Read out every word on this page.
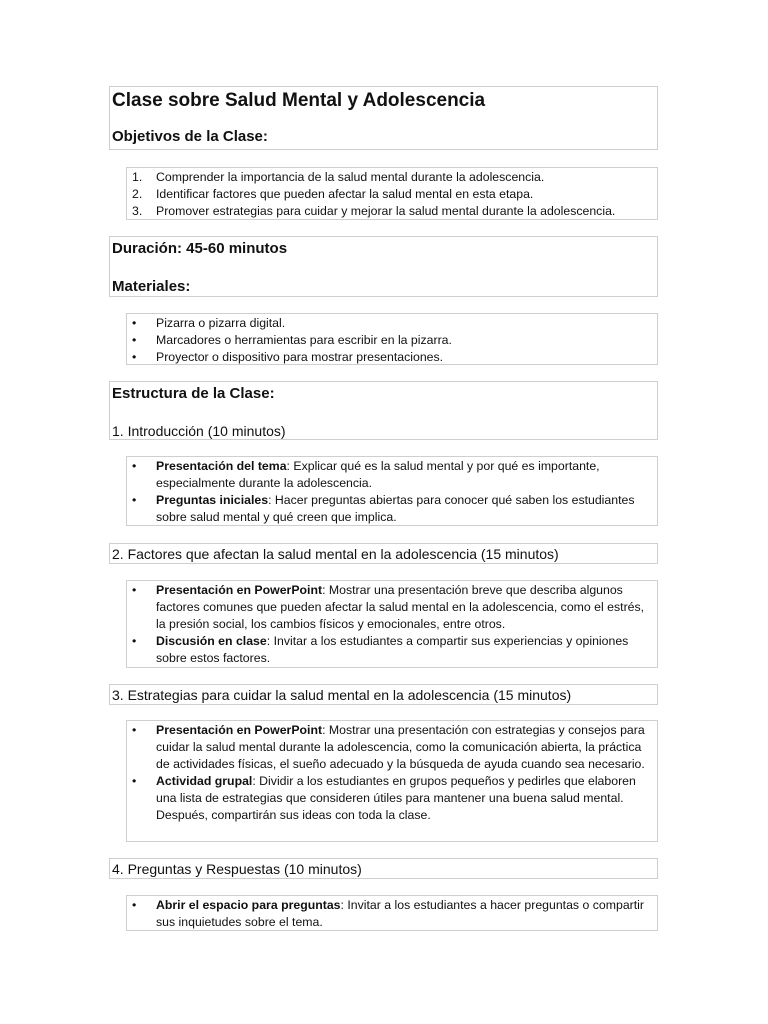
Clase sobre Salud Mental y Adolescencia

Objetivos de la Clase:

1. Comprender la importancia de la salud mental durante la adolescencia.
2. Identificar factores que pueden afectar la salud mental en esta etapa.
3. Promover estrategias para cuidar y mejorar la salud mental durante la adolescencia.

Duración: 45-60 minutos

Materiales:

• Pizarra o pizarra digital.
• Marcadores o herramientas para escribir en la pizarra.
• Proyector o dispositivo para mostrar presentaciones.

Estructura de la Clase:

1. Introducción (10 minutos)

• Presentación del tema: Explicar qué es la salud mental y por qué es importante, especialmente durante la adolescencia.
• Preguntas iniciales: Hacer preguntas abiertas para conocer qué saben los estudiantes sobre salud mental y qué creen que implica.

2. Factores que afectan la salud mental en la adolescencia (15 minutos)

• Presentación en PowerPoint: Mostrar una presentación breve que describa algunos factores comunes que pueden afectar la salud mental en la adolescencia, como el estrés, la presión social, los cambios físicos y emocionales, entre otros.
• Discusión en clase: Invitar a los estudiantes a compartir sus experiencias y opiniones sobre estos factores.

3. Estrategias para cuidar la salud mental en la adolescencia (15 minutos)

• Presentación en PowerPoint: Mostrar una presentación con estrategias y consejos para cuidar la salud mental durante la adolescencia, como la comunicación abierta, la práctica de actividades físicas, el sueño adecuado y la búsqueda de ayuda cuando sea necesario.
• Actividad grupal: Dividir a los estudiantes en grupos pequeños y pedirles que elaboren una lista de estrategias que consideren útiles para mantener una buena salud mental. Después, compartirán sus ideas con toda la clase.

4. Preguntas y Respuestas (10 minutos)

• Abrir el espacio para preguntas: Invitar a los estudiantes a hacer preguntas o compartir sus inquietudes sobre el tema.
